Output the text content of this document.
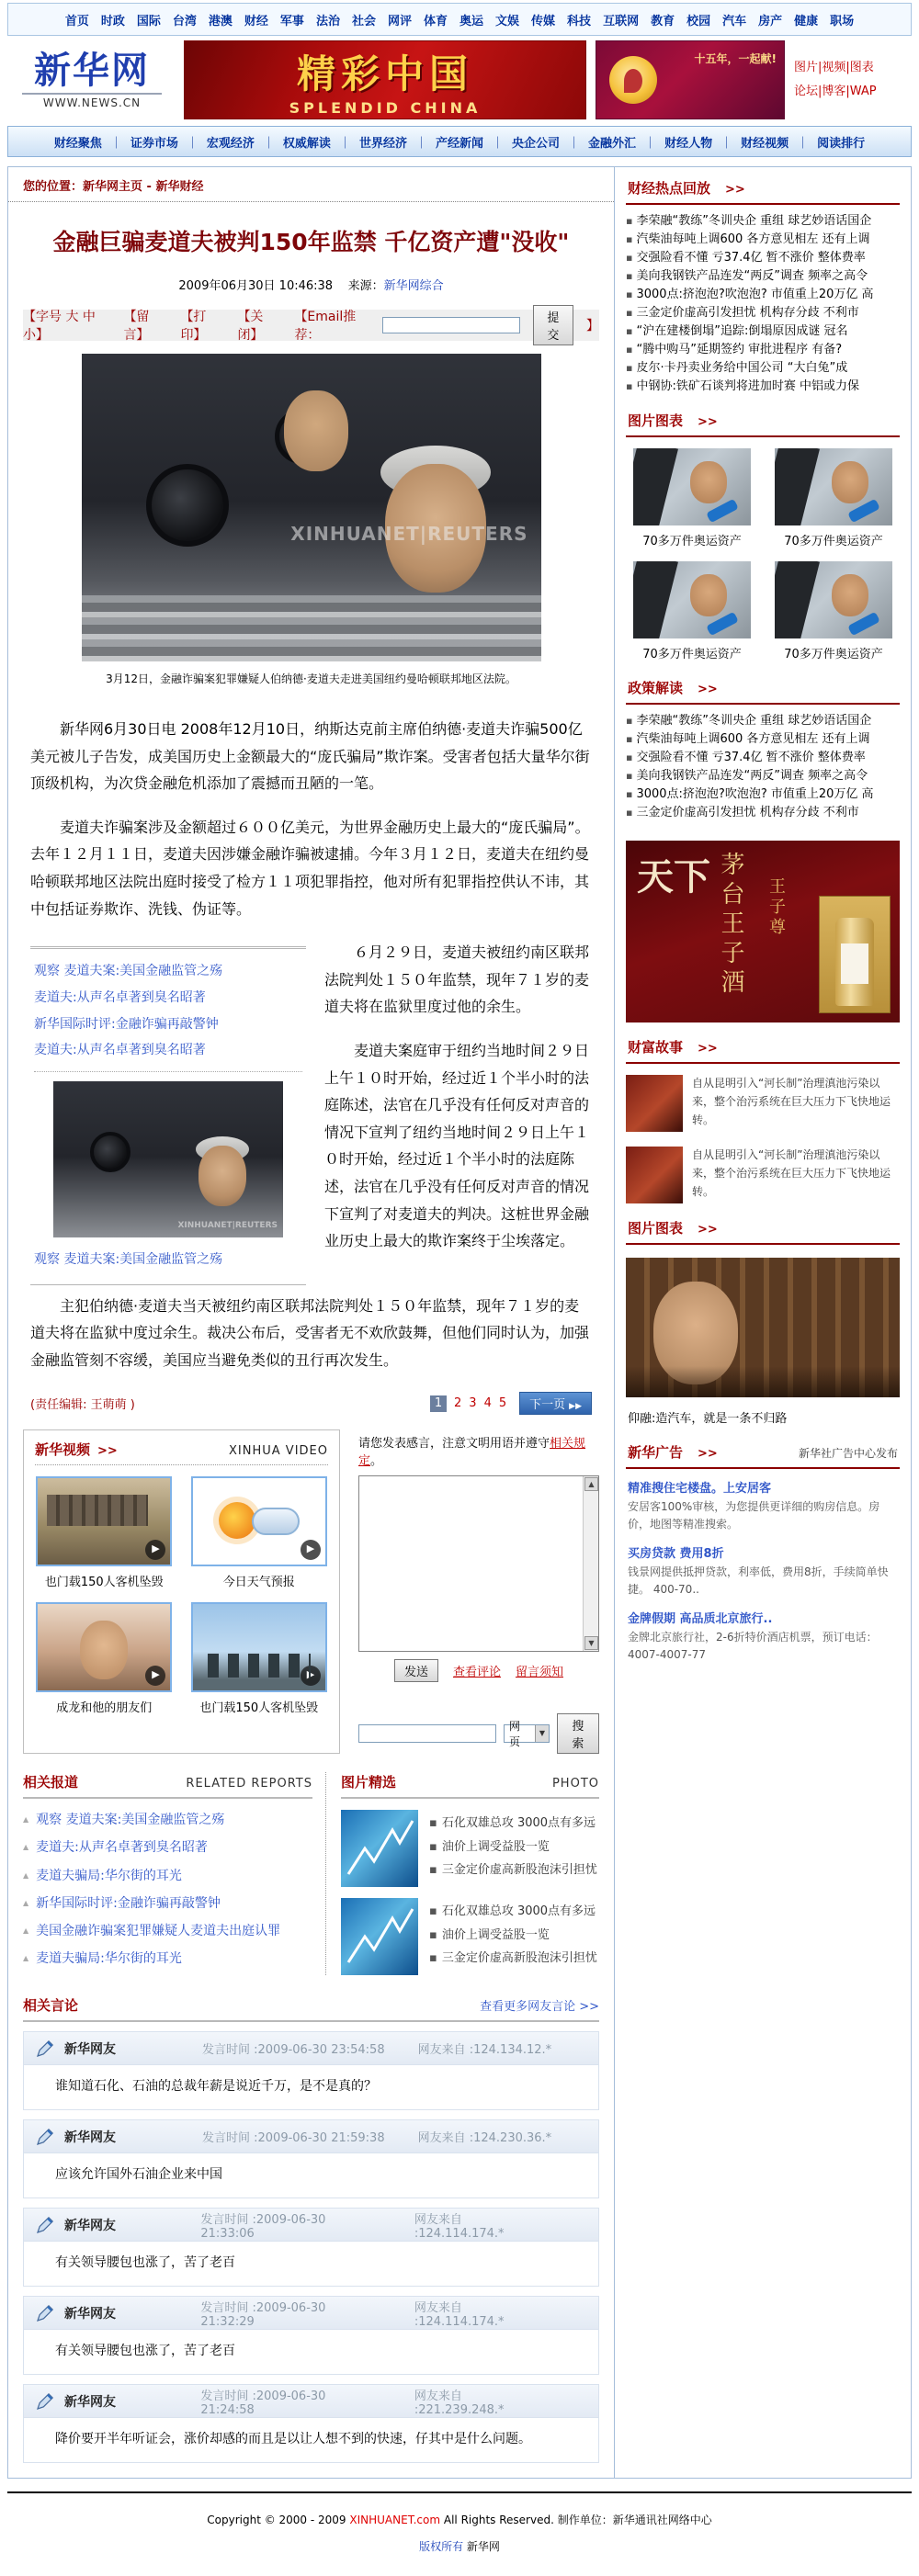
首页 时政 国际 台湾 港澳 财经 军事 法治 社会 网评 体育 奥运 文娱 传媒 科技 互联网 教育 校园 汽车 房产 健康 职场
新华网
WWW.NEWS.CN
精彩中国
SPLENDID CHINA
十五年，一起献!
图片|视频|图表
论坛|博客|WAP
财经聚焦	｜ 证券市场	｜ 宏观经济	｜ 权威解读	｜ 世界经济	｜ 产经新闻	｜ 央企公司	｜ 金融外汇	｜ 财经人物	｜ 财经视频	｜ 阅读排行
您的位置：新华网主页 - 新华财经
金融巨骗麦道夫被判150年监禁 千亿资产遭"没收"
2009年06月30日 10:46:38 来源：新华网综合
【字号 大 中 小】
【留言】
【打印】
【关闭】
【Email推荐：
提交
】
XINHUANET|REUTERS
3月12日，金融诈骗案犯罪嫌疑人伯纳德·麦道夫走进美国纽约曼哈顿联邦地区法院。

新华网6月30日电 2008年12月10日，纳斯达克前主席伯纳德·麦道夫诈骗500亿美元被儿子告发，成美国历史上金额最大的“庞氏骗局”欺诈案。受害者包括大量华尔街顶级机构，为次贷金融危机添加了震撼而丑陋的一笔。

麦道夫诈骗案涉及金额超过６００亿美元，为世界金融历史上最大的“庞氏骗局”。去年１２月１１日，麦道夫因涉嫌金融诈骗被逮捕。今年３月１２日，麦道夫在纽约曼哈顿联邦地区法院出庭时接受了检方１１项犯罪指控，他对所有犯罪指控供认不讳，其中包括证券欺诈、洗钱、伪证等。

观察 麦道夫案:美国金融监管之殇
麦道夫:从声名卓著到臭名昭著
新华国际时评:金融诈骗再敲警钟
麦道夫:从声名卓著到臭名昭著
XINHUANET|REUTERS
观察 麦道夫案:美国金融监管之殇

６月２９日，麦道夫被纽约南区联邦法院判处１５０年监禁，现年７１岁的麦道夫将在监狱里度过他的余生。

麦道夫案庭审于纽约当地时间２９日上午１０时开始，经过近１个半小时的法庭陈述，法官在几乎没有任何反对声音的情况下宣判了纽约当地时间２９日上午１０时开始，经过近１个半小时的法庭陈述，法官在几乎没有任何反对声音的情况下宣判了对麦道夫的判决。这桩世界金融业历史上最大的欺诈案终于尘埃落定。

主犯伯纳德·麦道夫当天被纽约南区联邦法院判处１５０年监禁，现年７１岁的麦道夫将在监狱中度过余生。裁决公布后，受害者无不欢欣鼓舞，但他们同时认为，加强金融监管刻不容缓，美国应当避免类似的丑行再次发生。

(责任编辑: 王萌萌 )	1 2 3 4 5	下一页 ▶▶
新华视频 >>	XINHUA VIDEO
▶
也门载150人客机坠毁
▶	今日天气预报
▶
成龙和他的朋友们
▶	也门载150人客机坠毁
请您发表感言，注意文明用语并遵守相关规定。
▲
▼
发送	查看评论 留言须知
网页
▼
搜索
相关报道	RELATED REPORTS
▲ 观察 麦道夫案:美国金融监管之殇
▲ 麦道夫:从声名卓著到臭名昭著
▲ 麦道夫骗局:华尔街的耳光
▲ 新华国际时评:金融诈骗再敲警钟
▲ 美国金融诈骗案犯罪嫌疑人麦道夫出庭认罪
▲ 麦道夫骗局:华尔街的耳光
图片精选	PHOTO
▪ 石化双雄总攻 3000点有多远
▪ 油价上调受益股一览
▪ 三金定价虚高新股泡沫引担忧
▪ 石化双雄总攻 3000点有多远
▪ 油价上调受益股一览
▪ 三金定价虚高新股泡沫引担忧
相关言论	查看更多网友言论 >>
新华网友	发言时间 :2009-06-30 23:54:58	网友来自 :124.134.12.*
谁知道石化、石油的总裁年薪是说近千万，是不是真的？
新华网友	发言时间 :2009-06-30 21:59:38	网友来自 :124.230.36.*
应该允许国外石油企业来中国
新华网友	发言时间 :2009-06-30 21:33:06
网友来自 :124.114.174.*
有关领导腰包也涨了，苦了老百
新华网友	发言时间 :2009-06-30 21:32:29
网友来自 :124.114.174.*
有关领导腰包也涨了，苦了老百
新华网友	发言时间 :2009-06-30 21:24:58
网友来自 :221.239.248.*
降价要开半年听证会，涨价却感的而且是以让人想不到的快速，仔其中是什么问题。
财经热点回放 >>
▪ 李荣融“教练”冬训央企 重组 球艺妙语话国企
▪ 汽柴油每吨上调600 各方意见相左 还有上调
▪ 交强险看不懂 亏37.4亿 暂不涨价 整体费率
▪ 美向我钢铁产品连发“两反”调查 频率之高令
▪ 3000点:挤泡泡?吹泡泡? 市值重上20万亿 高
▪ 三金定价虚高引发担忧 机构存分歧 不利市
▪ “沪在建楼倒塌”追踪:倒塌原因成谜 冠名
▪ “腾中购马”延期签约 审批进程序 有备?
▪ 皮尔·卡丹卖业务给中国公司 “大白兔”成
▪ 中钢协:铁矿石谈判将进加时赛 中铝或力保
图片图表 >>
70多万件奥运资产	70多万件奥运资产
70多万件奥运资产	70多万件奥运资产
政策解读 >>
▪ 李荣融“教练”冬训央企 重组 球艺妙语话国企
▪ 汽柴油每吨上调600 各方意见相左 还有上调
▪ 交强险看不懂 亏37.4亿 暂不涨价 整体费率
▪ 美向我钢铁产品连发“两反”调查 频率之高令
▪ 3000点:挤泡泡?吹泡泡? 市值重上20万亿 高
▪ 三金定价虚高引发担忧 机构存分歧 不利市
天下 茅台王子酒 王子尊
财富故事 >>
自从昆明引入“河长制”治理滇池污染以来，整个治污系统在巨大压力下飞快地运转。
自从昆明引入“河长制”治理滇池污染以来，整个治污系统在巨大压力下飞快地运转。
图片图表 >>
仰融:造汽车，就是一条不归路
新华广告 >>	新华社广告中心发布
精准搜住宅楼盘。上安居客
安居客100%审核，为您提供更详细的购房信息。房价，地图等精准搜索。
买房贷款 费用8折
钱景网提供抵押贷款，利率低，费用8折，手续简单快捷。 400-70..
金牌假期 高品质北京旅行..
金牌北京旅行社，2-6折特价酒店机票，预订电话： 4007-4007-77
Copyright © 2000 - 2009 XINHUANET.com All Rights Reserved. 制作单位：新华通讯社网络中心
版权所有 新华网
